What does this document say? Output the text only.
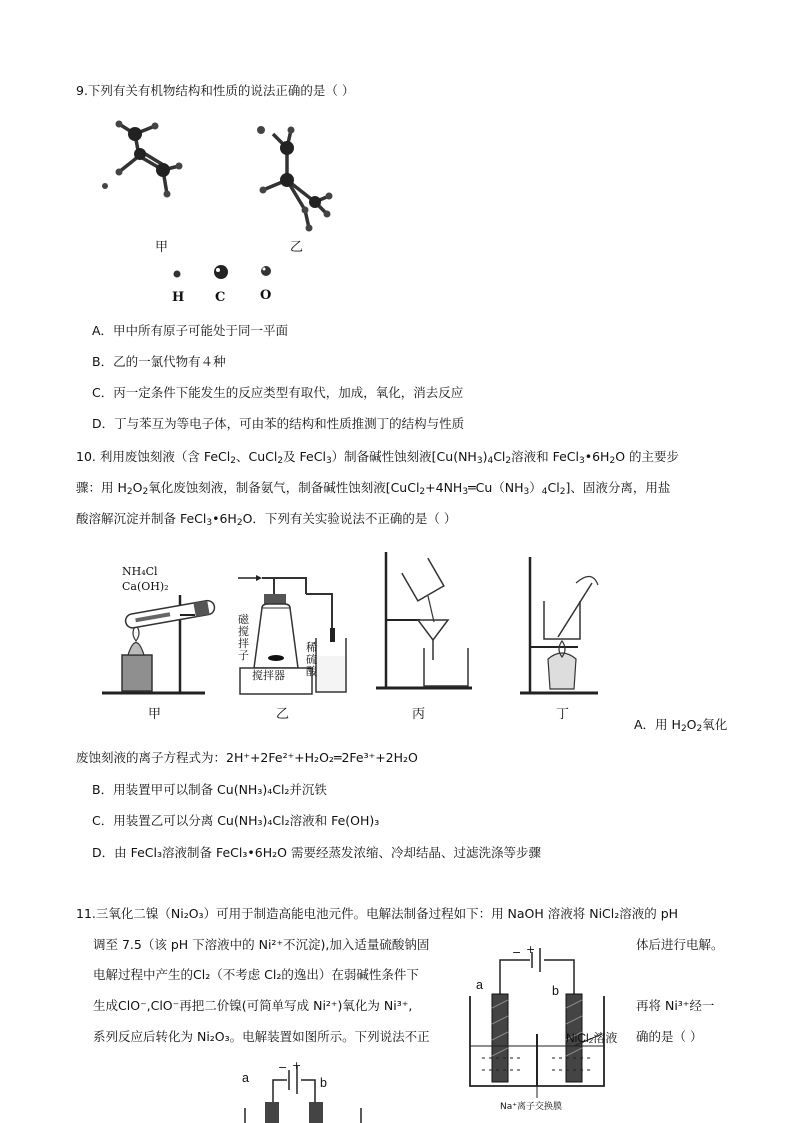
9.下列有关有机物结构和性质的说法正确的是（ ）
甲	乙
H C	O
A．甲中所有原子可能处于同一平面
B．乙的一氯代物有４种
C．丙一定条件下能发生的反应类型有取代，加成，氧化，消去反应
D．丁与苯互为等电子体，可由苯的结构和性质推测丁的结构与性质
10. 利用废蚀刻液（含 FeCl$_2$、CuCl$_2$及 FeCl$_3$）制备碱性蚀刻液[$Cu(NH_3)_4Cl_2$溶液和 $FeCl_3•6H_2O$ 的主要步
骤：用 $H_2O_2$氧化废蚀刻液，制备氨气，制备碱性蚀刻液$[CuCl_2+4NH_3═Cu(NH_3)_4Cl_2]$、固液分离，用盐
酸溶解沉淀并制备 $FeCl_3•6H_2O$．下列有关实验说法不正确的是（ ）
NH₄Cl
Ca(OH)₂
甲
搅拌器
磁
搅
拌
子
稀
硫
酸
乙	丙	丁
A．用 $H_2O_2$氧化
废蚀刻液的离子方程式为：2H⁺+2Fe²⁺+H₂O₂═2Fe³⁺+2H₂O
B．用装置甲可以制备 Cu(NH₃)₄Cl₂并沉铁
C．用装置乙可以分离 Cu(NH₃)₄Cl₂溶液和 Fe(OH)₃
D．由 FeCl₃溶液制备 FeCl₃•6H₂O 需要经蒸发浓缩、冷却结晶、过滤洗涤等步骤
11.三氧化二镍（Ni₂O₃）可用于制造高能电池元件。电解法制备过程如下：用 NaOH 溶液将 NiCl₂溶液的 pH
调至 7.5（该 pH 下溶液中的 Ni²⁺不沉淀),加入适量硫酸钠固	体后进行电解。
电解过程中产生的Cl₂（不考虑 Cl₂的逸出）在弱碱性条件下
生成ClO⁻,ClO⁻再把二价镍(可简单写成 Ni²⁺)氧化为 Ni³⁺,	再将 Ni³⁺经一
系列反应后转化为 Ni₂O₃。电解装置如图所示。下列说法不正	确的是（ ）
a	b
− +
NiCl₂溶液
Na⁺离子交换膜
a	b
− +
